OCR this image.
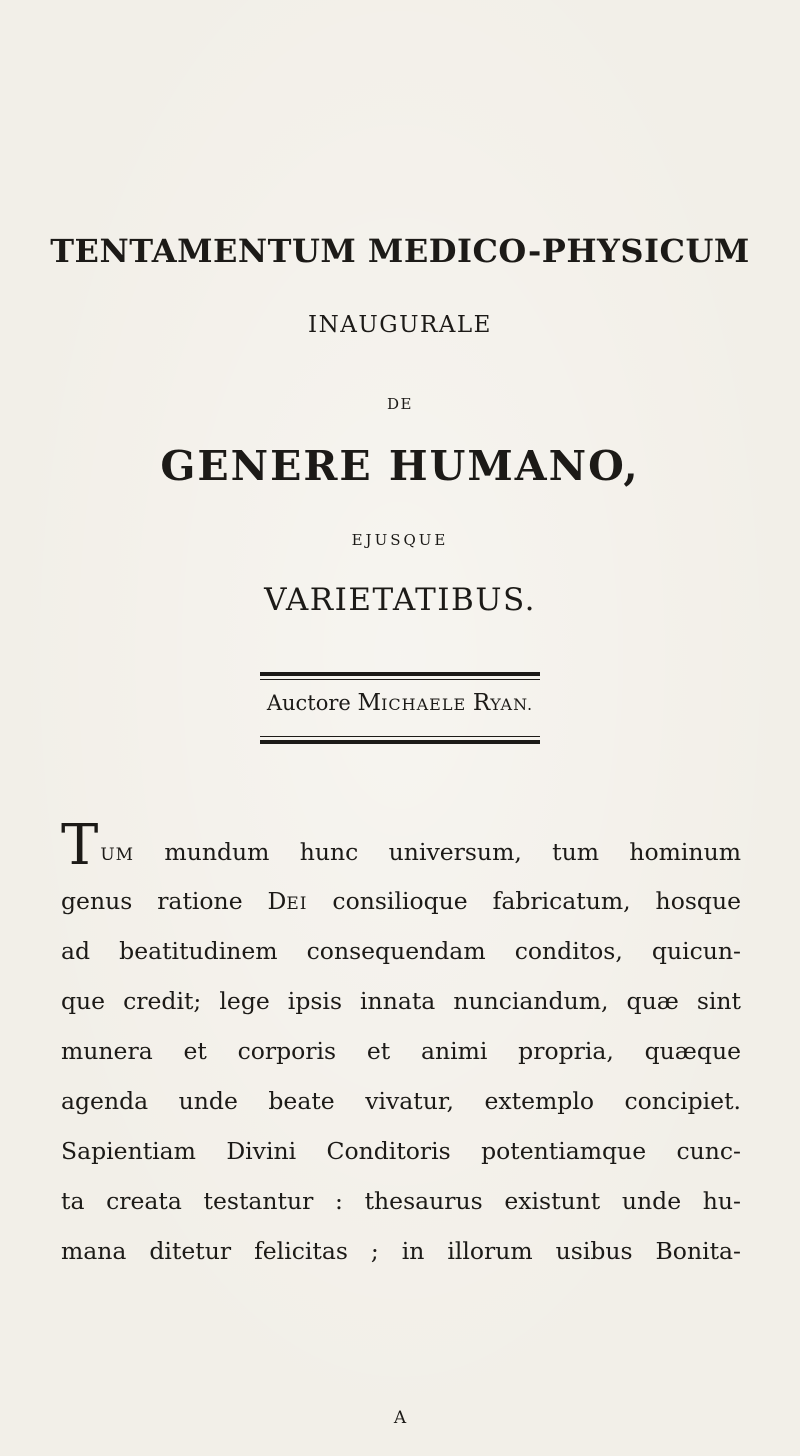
TENTAMENTUM MEDICO-PHYSICUM
INAUGURALE
DE
GENERE HUMANO,
EJUSQUE
VARIETATIBUS.
Auctore MICHAELE RYAN.
TUM mundum hunc universum, tum hominum
genus ratione DEI consilioque fabricatum, hosque
ad beatitudinem consequendam conditos, quicun-
que credit; lege ipsis innata nunciandum, quæ sint
munera et corporis et animi propria, quæque
agenda unde beate vivatur, extemplo concipiet.
Sapientiam Divini Conditoris potentiamque cunc-
ta creata testantur : thesaurus existunt unde hu-
mana ditetur felicitas ; in illorum usibus Bonita-
A
